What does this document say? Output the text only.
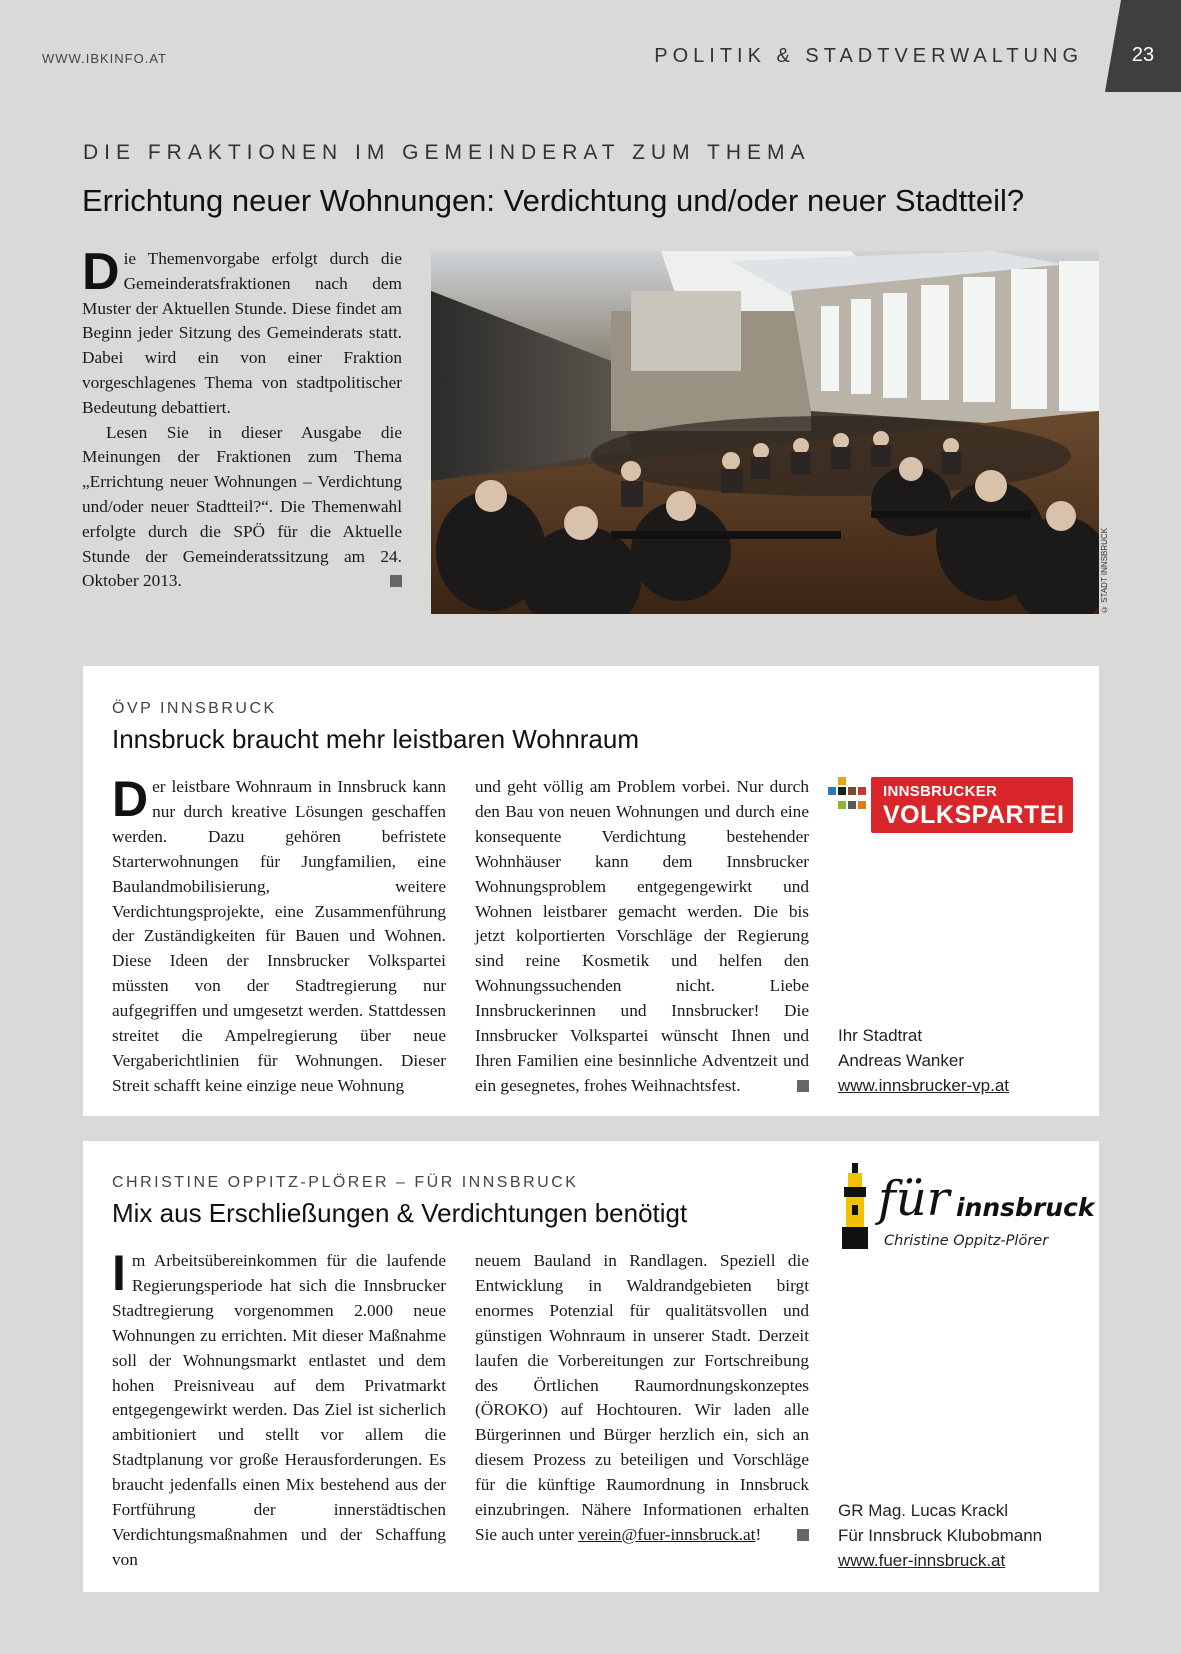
WWW.IBKINFO.AT	POLITIK & STADTVERWALTUNG	23
DIE FRAKTIONEN IM GEMEINDERAT ZUM THEMA
Errichtung neuer Wohnungen: Verdichtung und/oder neuer Stadtteil?

Die Themenvorgabe erfolgt durch die Gemeinderatsfraktionen nach dem Muster der Aktuellen Stunde. Diese findet am Beginn jeder Sitzung des Gemeinderats statt. Dabei wird ein von einer Fraktion vorgeschlagenes Thema von stadtpolitischer Bedeutung debattiert.

Lesen Sie in dieser Ausgabe die Meinungen der Fraktionen zum Thema „Errichtung neuer Wohnungen – Verdichtung und/oder neuer Stadtteil?“. Die Themenwahl erfolgte durch die SPÖ für die Aktuelle Stunde der Gemeinderatssitzung am 24. Oktober 2013.	© STADT INNSBRUCK
ÖVP INNSBRUCK
Innsbruck braucht mehr leistbaren Wohnraum
Der leistbare Wohnraum in Innsbruck kann nur durch kreative Lösungen geschaffen werden. Dazu gehören befristete Starterwohnungen für Jungfamilien, eine Baulandmobilisierung, weitere Verdichtungsprojekte, eine Zusammenführung der Zuständigkeiten für Bauen und Wohnen. Diese Ideen der Innsbrucker Volkspartei müssten von der Stadtregierung nur aufgegriffen und umgesetzt werden. Stattdessen streitet die Ampelregierung über neue Vergaberichtlinien für Wohnungen. Dieser Streit schafft keine einzige neue Wohnung
und geht völlig am Problem vorbei. Nur durch den Bau von neuen Wohnungen und durch eine konsequente Verdichtung bestehender Wohnhäuser kann dem Innsbrucker Wohnungsproblem entgegengewirkt und Wohnen leistbarer gemacht werden. Die bis jetzt kolportierten Vorschläge der Regierung sind reine Kosmetik und helfen den Wohnungssuchenden nicht. Liebe Innsbruckerinnen und Innsbrucker! Die Innsbrucker Volkspartei wünscht Ihnen und Ihren Familien eine besinnliche Adventzeit und ein gesegnetes, frohes Weihnachtsfest.
INNSBRUCKER
VOLKSPARTEI
Ihr Stadtrat
Andreas Wanker
www.innsbrucker-vp.at
CHRISTINE OPPITZ-PLÖRER – FÜR INNSBRUCK
Mix aus Erschließungen & Verdichtungen benötigt
Im Arbeitsübereinkommen für die laufende Regierungsperiode hat sich die Innsbrucker Stadtregierung vorgenommen 2.000 neue Wohnungen zu errichten. Mit dieser Maßnahme soll der Wohnungsmarkt entlastet und dem hohen Preisniveau auf dem Privatmarkt entgegengewirkt werden. Das Ziel ist sicherlich ambitioniert und stellt vor allem die Stadtplanung vor große Herausforderungen. Es braucht jedenfalls einen Mix bestehend aus der Fortführung der innerstädtischen Verdichtungsmaßnahmen und der Schaffung von
neuem Bauland in Randlagen. Speziell die Entwicklung in Waldrandgebieten birgt enormes Potenzial für qualitätsvollen und günstigen Wohnraum in unserer Stadt. Derzeit laufen die Vorbereitungen zur Fortschreibung des Örtlichen Raumordnungskonzeptes (ÖROKO) auf Hochtouren. Wir laden alle Bürgerinnen und Bürger herzlich ein, sich an diesem Prozess zu beteiligen und Vorschläge für die künftige Raumordnung in Innsbruck einzubringen. Nähere Informationen erhalten Sie auch unter verein@fuer-innsbruck.at!
für innsbruck
Christine Oppitz-Plörer
GR Mag. Lucas Krackl
Für Innsbruck Klubobmann
www.fuer-innsbruck.at
